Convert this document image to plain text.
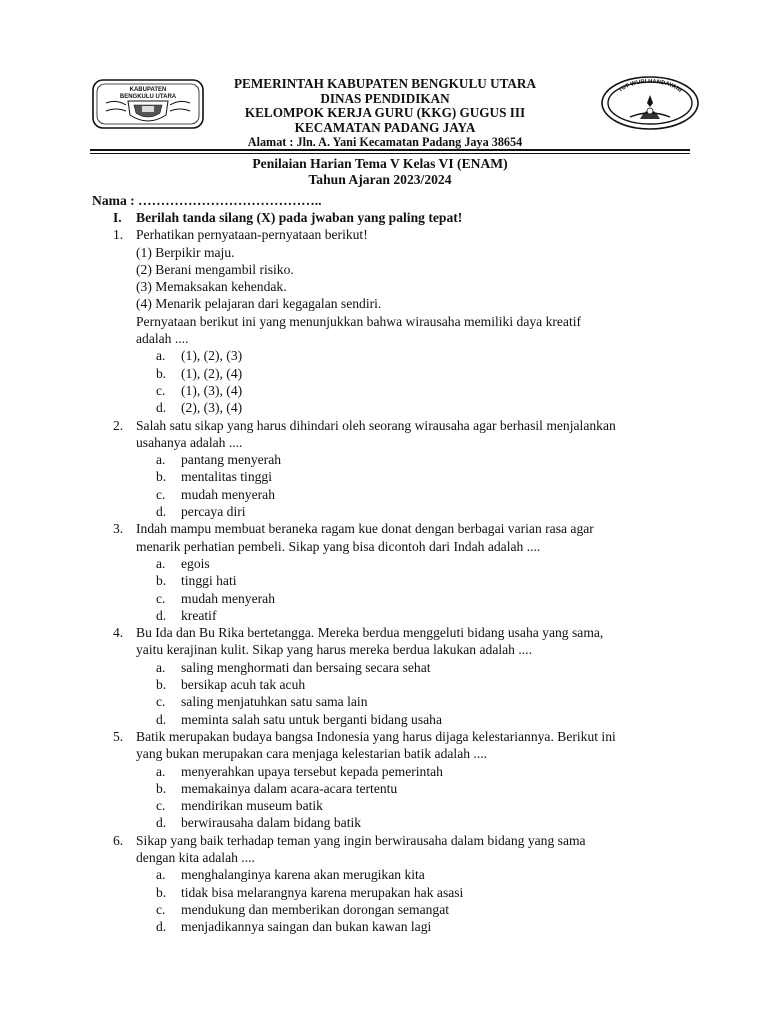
KABUPATEN
BENGKULU UTARA
PEMERINTAH KABUPATEN BENGKULU UTARA
DINAS PENDIDIKAN
KELOMPOK KERJA GURU (KKG) GUGUS III
KECAMATAN PADANG JAYA
Alamat : Jln. A. Yani Kecamatan Padang Jaya 38654
TUT WURI HANDAYANI
Penilaian Harian Tema V Kelas VI (ENAM)
Tahun Ajaran 2023/2024
Nama : …………………………………..
I. Berilah tanda silang (X) pada jwaban yang paling tepat!
1. Perhatikan pernyataan-pernyataan berikut!
(1) Berpikir maju.
(2) Berani mengambil risiko.
(3) Memaksakan kehendak.
(4) Menarik pelajaran dari kegagalan sendiri.
Pernyataan berikut ini yang menunjukkan bahwa wirausaha memiliki daya kreatif
adalah ....
a. (1), (2), (3)
b. (1), (2), (4)
c. (1), (3), (4)
d. (2), (3), (4)
2. Salah satu sikap yang harus dihindari oleh seorang wirausaha agar berhasil menjalankan
usahanya adalah ....
a. pantang menyerah
b. mentalitas tinggi
c. mudah menyerah
d. percaya diri
3. Indah mampu membuat beraneka ragam kue donat dengan berbagai varian rasa agar
menarik perhatian pembeli. Sikap yang bisa dicontoh dari Indah adalah ....
a. egois
b. tinggi hati
c. mudah menyerah
d. kreatif
4. Bu Ida dan Bu Rika bertetangga. Mereka berdua menggeluti bidang usaha yang sama,
yaitu kerajinan kulit. Sikap yang harus mereka berdua lakukan adalah ....
a. saling menghormati dan bersaing secara sehat
b. bersikap acuh tak acuh
c. saling menjatuhkan satu sama lain
d. meminta salah satu untuk berganti bidang usaha
5. Batik merupakan budaya bangsa Indonesia yang harus dijaga kelestariannya. Berikut ini
yang bukan merupakan cara menjaga kelestarian batik adalah ....
a. menyerahkan upaya tersebut kepada pemerintah
b. memakainya dalam acara-acara tertentu
c. mendirikan museum batik
d. berwirausaha dalam bidang batik
6. Sikap yang baik terhadap teman yang ingin berwirausaha dalam bidang yang sama
dengan kita adalah ....
a. menghalanginya karena akan merugikan kita
b. tidak bisa melarangnya karena merupakan hak asasi
c. mendukung dan memberikan dorongan semangat
d. menjadikannya saingan dan bukan kawan lagi
